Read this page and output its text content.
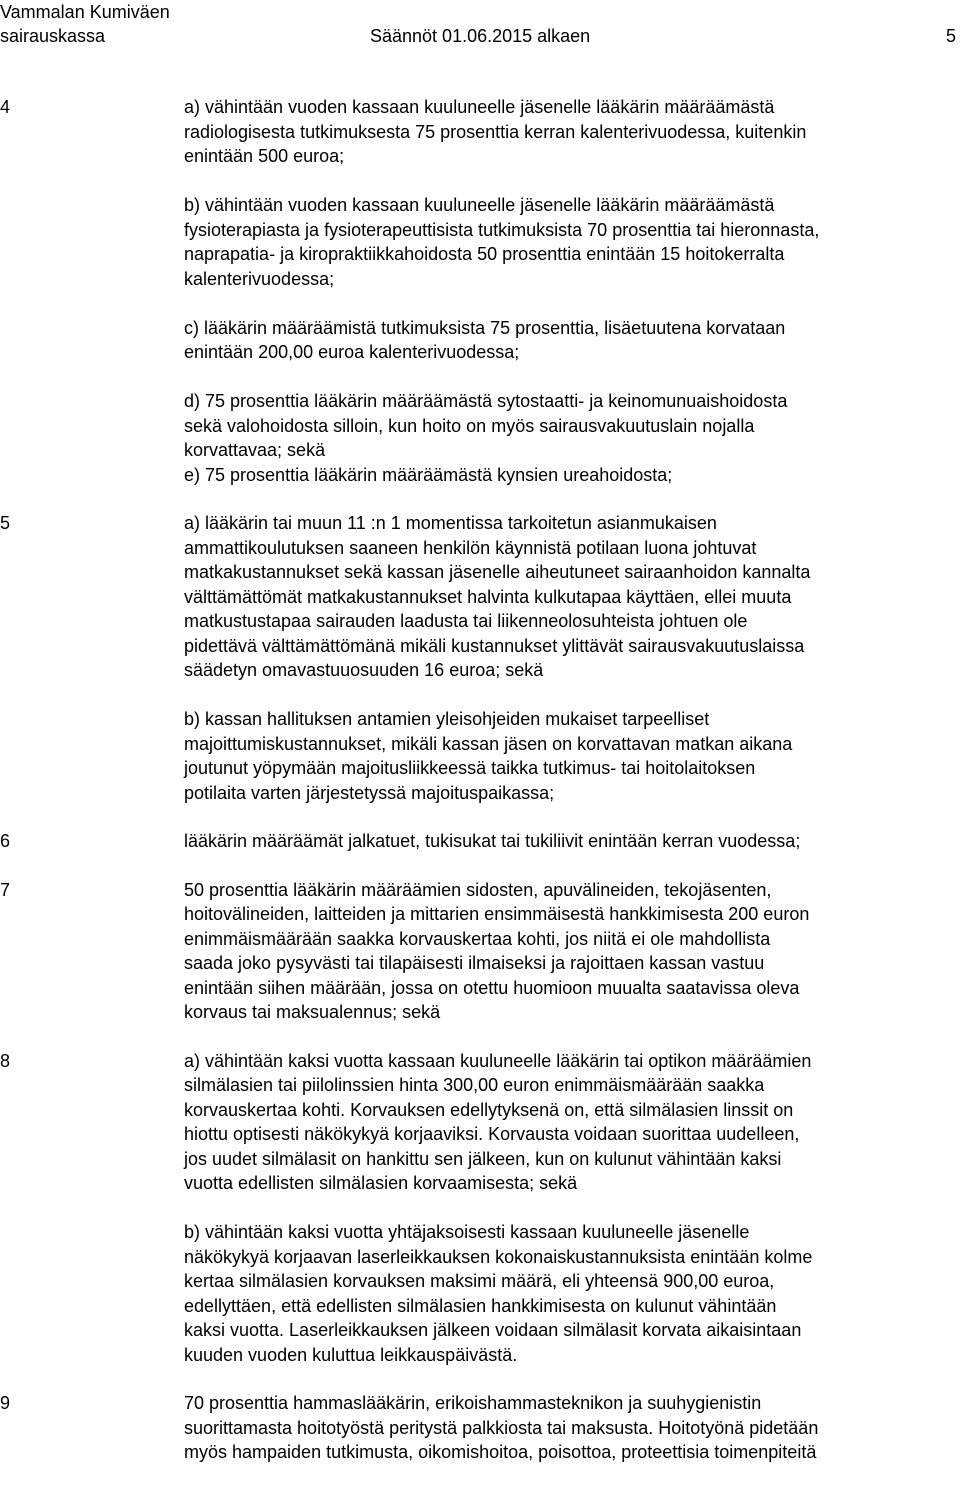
Vammalan Kumiväen
sairauskassa	Säännöt 01.06.2015 alkaen	5
4	a) vähintään vuoden kassaan kuuluneelle jäsenelle lääkärin määräämästä
radiologisesta tutkimuksesta 75 prosenttia kerran kalenterivuodessa, kuitenkin
enintään 500 euroa;

b) vähintään vuoden kassaan kuuluneelle jäsenelle lääkärin määräämästä
fysioterapiasta ja fysioterapeuttisista tutkimuksista 70 prosenttia tai hieronnasta,
naprapatia- ja kiropraktiikkahoidosta 50 prosenttia enintään 15 hoitokerralta
kalenterivuodessa;

c) lääkärin määräämistä tutkimuksista 75 prosenttia, lisäetuutena korvataan
enintään 200,00 euroa kalenterivuodessa;

d) 75 prosenttia lääkärin määräämästä sytostaatti- ja keinomunuaishoidosta
sekä valohoidosta silloin, kun hoito on myös sairausvakuutuslain nojalla
korvattavaa; sekä

e) 75 prosenttia lääkärin määräämästä kynsien ureahoidosta;

5	a) lääkärin tai muun 11 :n 1 momentissa tarkoitetun asianmukaisen
ammattikoulutuksen saaneen henkilön käynnistä potilaan luona johtuvat
matkakustannukset sekä kassan jäsenelle aiheutuneet sairaanhoidon kannalta
välttämättömät matkakustannukset halvinta kulkutapaa käyttäen, ellei muuta
matkustustapaa sairauden laadusta tai liikenneolosuhteista johtuen ole
pidettävä välttämättömänä mikäli kustannukset ylittävät sairausvakuutuslaissa
säädetyn omavastuuosuuden 16 euroa; sekä

b) kassan hallituksen antamien yleisohjeiden mukaiset tarpeelliset
majoittumiskustannukset, mikäli kassan jäsen on korvattavan matkan aikana
joutunut yöpymään majoitusliikkeessä taikka tutkimus- tai hoitolaitoksen
potilaita varten järjestetyssä majoituspaikassa;

6	lääkärin määräämät jalkatuet, tukisukat tai tukiliivit enintään kerran vuodessa;

7	50 prosenttia lääkärin määräämien sidosten, apuvälineiden, tekojäsenten,
hoitovälineiden, laitteiden ja mittarien ensimmäisestä hankkimisesta 200 euron
enimmäismäärään saakka korvauskertaa kohti, jos niitä ei ole mahdollista
saada joko pysyvästi tai tilapäisesti ilmaiseksi ja rajoittaen kassan vastuu
enintään siihen määrään, jossa on otettu huomioon muualta saatavissa oleva
korvaus tai maksualennus; sekä

8	a) vähintään kaksi vuotta kassaan kuuluneelle lääkärin tai optikon määräämien
silmälasien tai piilolinssien hinta 300,00 euron enimmäismäärään saakka
korvauskertaa kohti. Korvauksen edellytyksenä on, että silmälasien linssit on
hiottu optisesti näkökykyä korjaaviksi. Korvausta voidaan suorittaa uudelleen,
jos uudet silmälasit on hankittu sen jälkeen, kun on kulunut vähintään kaksi
vuotta edellisten silmälasien korvaamisesta; sekä

b) vähintään kaksi vuotta yhtäjaksoisesti kassaan kuuluneelle jäsenelle
näkökykyä korjaavan laserleikkauksen kokonaiskustannuksista enintään kolme
kertaa silmälasien korvauksen maksimi määrä, eli yhteensä 900,00 euroa,
edellyttäen, että edellisten silmälasien hankkimisesta on kulunut vähintään
kaksi vuotta. Laserleikkauksen jälkeen voidaan silmälasit korvata aikaisintaan
kuuden vuoden kuluttua leikkauspäivästä.

9	70 prosenttia hammaslääkärin, erikoishammasteknikon ja suuhygienistin
suorittamasta hoitotyöstä peritystä palkkiosta tai maksusta. Hoitotyönä pidetään
myös hampaiden tutkimusta, oikomishoitoa, poisottoa, proteettisia toimenpiteitä
